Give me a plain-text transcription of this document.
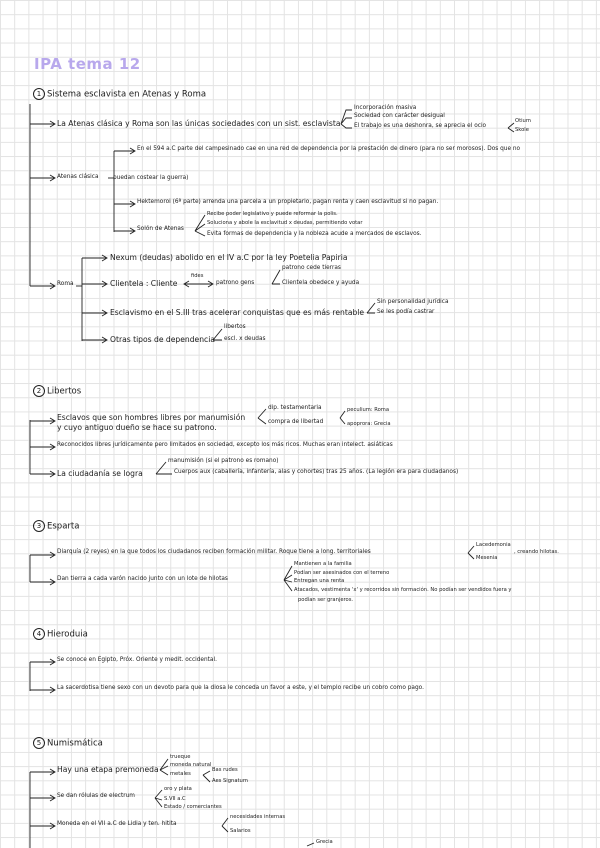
IPA tema 12
1 Sistema esclavista en Atenas y Roma
La Atenas clásica y Roma son las únicas sociedades con un sist. esclavista
Incorporación masiva
Sociedad con carácter desigual
El trabajo es una deshonra, se aprecia el ocio
Otium
Skole
Atenas clásica
En el 594 a.C parte del campesinado cae en una red de dependencia por la prestación de dinero (para no ser morosos). Dos que no
puedan costear la guerra)
Hektemoroi (6ª parte) arrenda una parcela a un propietario, pagan renta y caen esclavitud si no pagan.
Solón de Atenas
Recibe poder legislativo y puede reformar la polis.
Soluciona y abole la esclavitud x deudas, permitiendo votar
Evita formas de dependencia y la nobleza acude a mercados de esclavos.
Roma
Nexum (deudas) abolido en el IV a.C por la ley Poetelia Papiria
Clientela : Cliente
fides
patrono gens
patrono cede tierras
Clientela obedece y ayuda
Esclavismo en el S.III tras acelerar conquistas que es más rentable
Sin personalidad jurídica
Se les podía castrar
Otras tipos de dependencia
libertos
escl. x deudas
2 Libertos
Esclavos que son hombres libres por manumisión
y cuyo antiguo dueño se hace su patrono.
dip. testamentaria
compra de libertad
peculium: Roma
apoprora: Grecia
Reconocidos libres jurídicamente pero limitados en sociedad, excepto los más ricos. Muchas eran intelect. asiáticas
La ciudadanía se logra
manumisión (si el patrono es romano)
Cuerpos aux (caballería, infantería, alas y cohortes) tras 25 años. (La legión era para ciudadanos)
3 Esparta
Diarquía (2 reyes) en la que todos los ciudadanos reciben formación militar. Roque tiene a long. territoriales
Lacedemonia
Mesenia
, creando hilotas.
Dan tierra a cada varón nacido junto con un lote de hilotas
Mantienen a la familia
Podían ser asesinados con el terreno
Entregan una renta
Atacados, vestimenta 'x' y recorridos sin formación. No podían ser vendidos fuera y
podían ser granjeros.
4 Hieroduia
Se conoce en Egipto, Próx. Oriente y medit. occidental.
La sacerdotisa tiene sexo con un devoto para que la diosa le conceda un favor a este, y el templo recibe un cobro como pago.
5 Numismática
Hay una etapa premoneda
trueque
moneda natural
metales
Bas rudes
Aes Signatum
Se dan rólulas de electrum
oro y plata
S.VII a.C
Estado / comerciantes
Moneda en el VII a.C de Lidia y ten. hitita
necesidades internas
Salarios
Grecia
